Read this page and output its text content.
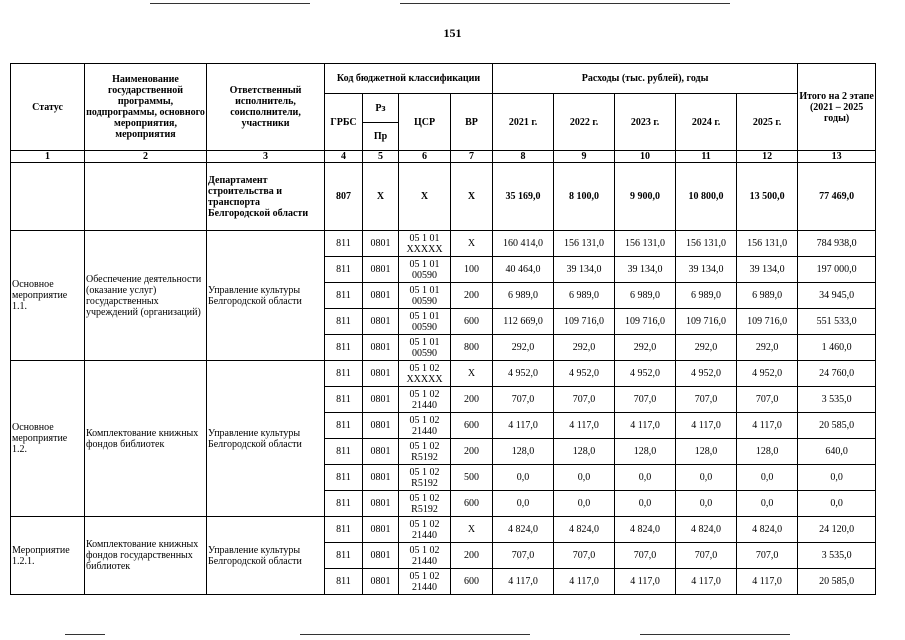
151
Статус	Наименование государственной программы, подпрограммы, основного мероприятия, мероприятия	Ответственный исполнитель, соисполнители, участники	Код бюджетной классификации				Расходы (тыс. рублей), годы					Итого на 2 этапе (2021 – 2025 годы)
			ГРБС	Рз	ЦСР	ВР	2021 г.	2022 г.	2023 г.	2024 г.	2025 г.	
				Пр								
1	2	3	4	5	6	7	8	9	10	11	12	13
		Департамент строительства и транспорта Белгородской области	807	Х	Х	Х	35 169,0	8 100,0	9 900,0	10 800,0	13 500,0	77 469,0
Основное мероприятие 1.1.	Обеспечение деятельности (оказание услуг) государственных учреждений (организаций)	Управление культуры Белгородской области	811	0801	05 1 01 ХХХХХ	Х	160 414,0	156 131,0	156 131,0	156 131,0	156 131,0	784 938,0
			811	0801	05 1 01 00590	100	40 464,0	39 134,0	39 134,0	39 134,0	39 134,0	197 000,0
			811	0801	05 1 01 00590	200	6 989,0	6 989,0	6 989,0	6 989,0	6 989,0	34 945,0
			811	0801	05 1 01 00590	600	112 669,0	109 716,0	109 716,0	109 716,0	109 716,0	551 533,0
			811	0801	05 1 01 00590	800	292,0	292,0	292,0	292,0	292,0	1 460,0
Основное мероприятие 1.2.	Комплектование книжных фондов библиотек	Управление культуры Белгородской области	811	0801	05 1 02 ХХХХХ	Х	4 952,0	4 952,0	4 952,0	4 952,0	4 952,0	24 760,0
			811	0801	05 1 02 21440	200	707,0	707,0	707,0	707,0	707,0	3 535,0
			811	0801	05 1 02 21440	600	4 117,0	4 117,0	4 117,0	4 117,0	4 117,0	20 585,0
			811	0801	05 1 02 R5192	200	128,0	128,0	128,0	128,0	128,0	640,0
			811	0801	05 1 02 R5192	500	0,0	0,0	0,0	0,0	0,0	0,0
			811	0801	05 1 02 R5192	600	0,0	0,0	0,0	0,0	0,0	0,0
Мероприятие 1.2.1.	Комплектование книжных фондов государственных библиотек	Управление культуры Белгородской области	811	0801	05 1 02 21440	Х	4 824,0	4 824,0	4 824,0	4 824,0	4 824,0	24 120,0
			811	0801	05 1 02 21440	200	707,0	707,0	707,0	707,0	707,0	3 535,0
			811	0801	05 1 02 21440	600	4 117,0	4 117,0	4 117,0	4 117,0	4 117,0	20 585,0
